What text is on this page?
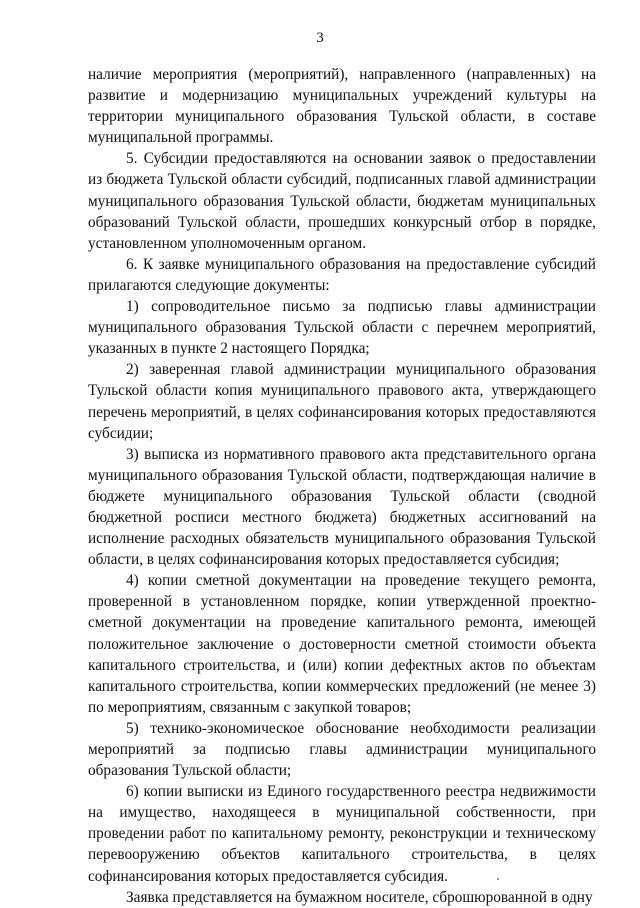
3

наличие мероприятия (мероприятий), направленного (направленных) на развитие и модернизацию муниципальных учреждений культуры на территории муниципального образования Тульской области, в составе муниципальной программы.

5. Субсидии предоставляются на основании заявок о предоставлении из бюджета Тульской области субсидий, подписанных главой администрации муниципального образования Тульской области, бюджетам муниципальных образований Тульской области, прошедших конкурсный отбор в порядке, установленном уполномоченным органом.

6. К заявке муниципального образования на предоставление субсидий прилагаются следующие документы:

1) сопроводительное письмо за подписью главы администрации муниципального образования Тульской области с перечнем мероприятий, указанных в пункте 2 настоящего Порядка;

2) заверенная главой администрации муниципального образования Тульской области копия муниципального правового акта, утверждающего перечень мероприятий, в целях софинансирования которых предоставляются субсидии;

3) выписка из нормативного правового акта представительного органа муниципального образования Тульской области, подтверждающая наличие в бюджете муниципального образования Тульской области (сводной бюджетной росписи местного бюджета) бюджетных ассигнований на исполнение расходных обязательств муниципального образования Тульской области, в целях софинансирования которых предоставляется субсидия;

4) копии сметной документации на проведение текущего ремонта, проверенной в установленном порядке, копии утвержденной проектно-сметной документации на проведение капитального ремонта, имеющей положительное заключение о достоверности сметной стоимости объекта капитального строительства, и (или) копии дефектных актов по объектам капитального строительства, копии коммерческих предложений (не менее 3) по мероприятиям, связанным с закупкой товаров;

5) технико-экономическое обоснование необходимости реализации мероприятий за подписью главы администрации муниципального образования Тульской области;

6) копии выписки из Единого государственного реестра недвижимости на имущество, находящееся в муниципальной собственности, при проведении работ по капитальному ремонту, реконструкции и техническому перевооружению объектов капитального строительства, в целях софинансирования которых предоставляется субсидия.

Заявка представляется на бумажном носителе, сброшюрованной в одну
